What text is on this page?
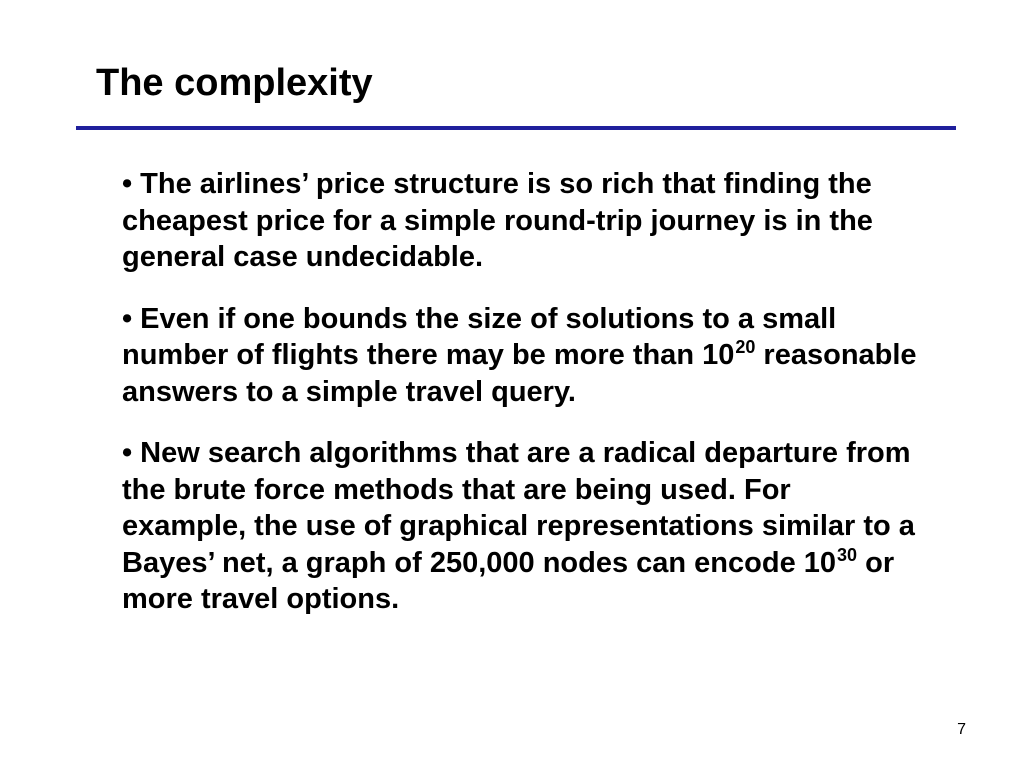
The complexity
• The airlines’ price structure is so rich that finding the cheapest price for a simple round-trip journey is in the general case undecidable.
• Even if one bounds the size of solutions to a small number of flights there may be more than $10^{20}$ reasonable answers to a simple travel query.
• New search algorithms that are a radical departure from the brute force methods that are being used. For example, the use of graphical representations similar to a Bayes’ net, a graph of 250,000 nodes can encode $10^{30}$ or more travel options.
7
